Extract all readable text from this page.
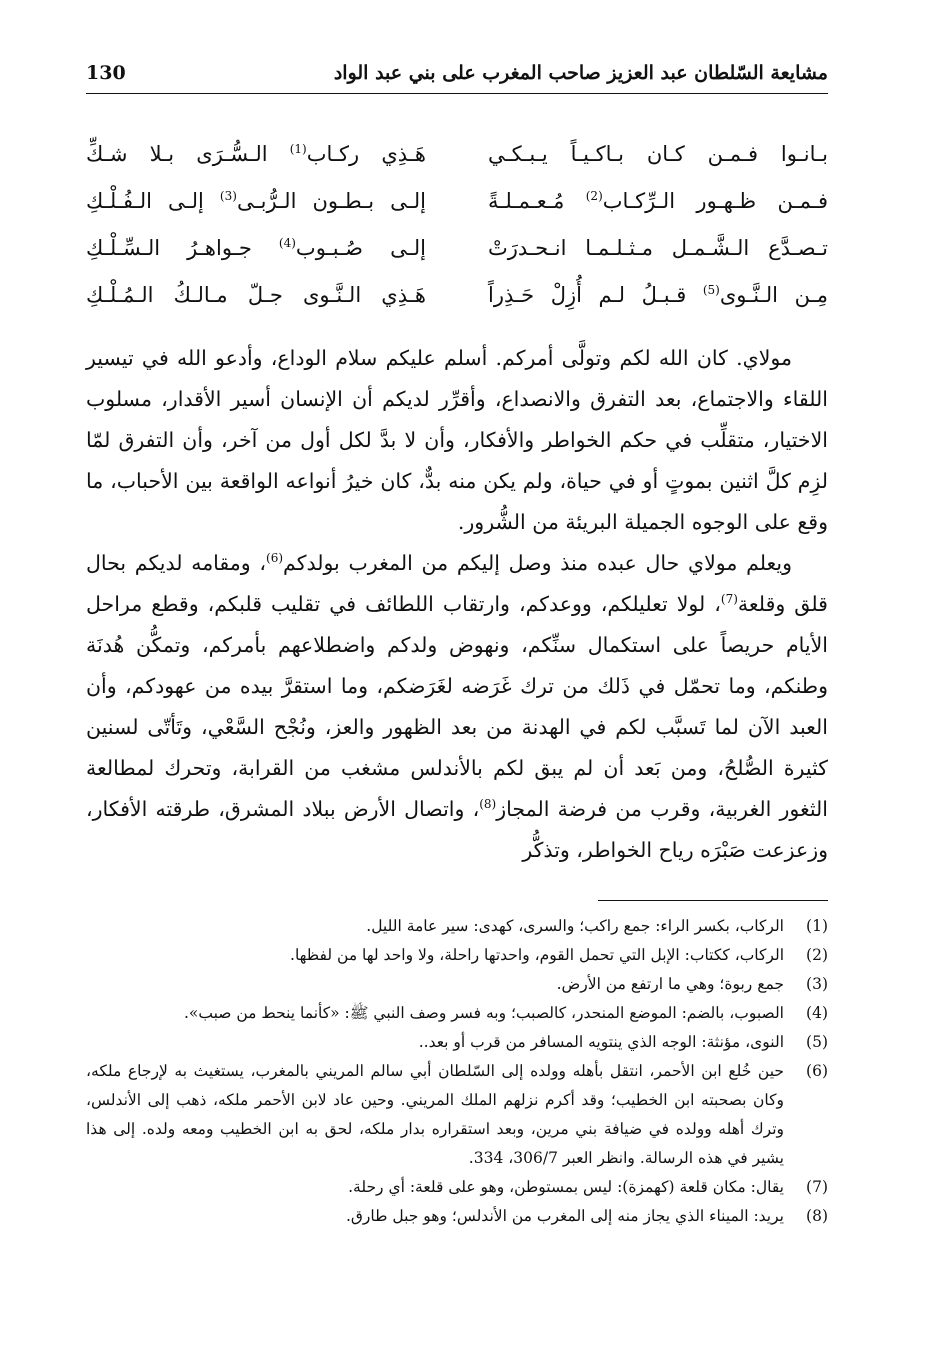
مشايعة السّلطان عبد العزيز صاحب المغرب على بني عبد الواد
130
بـانـوا فـمـن كـان بـاكـيـاً يـبـكـي
هَـذِي ركـاب$^{(1)}$ الـسُّـرَى بـلا شـكِّ
فـمـن ظـهـور الـرِّكـاب$^{(2)}$ مُـعـمـلـةً
إلـى بـطـون الـرُّبـى$^{(3)}$ إلـى الـفُـلْـكِ
تـصـدَّع الـشَّـمـل مـثـلـمـا انـحـدرَتْ
إلـى صُـبـوب$^{(4)}$ جـواهـرُ الـسِّـلْـكِ
مِـن الـنَّـوى$^{(5)}$ قـبـلُ لـم أُزِلْ حَـذِراً
هَـذِي الـنَّـوى جـلّ مـالـكُ الـمُـلْـكِ

مولاي. كان الله لكم وتولَّى أمركم. أسلم عليكم سلام الوداع، وأدعو الله في تيسير اللقاء والاجتماع، بعد التفرق والانصداع، وأقرِّر لديكم أن الإنسان أسير الأقدار، مسلوب الاختيار، متقلِّب في حكم الخواطر والأفكار، وأن لا بدَّ لكل أول من آخر، وأن التفرق لمّا لزِم كلَّ اثنين بموتٍ أو في حياة، ولم يكن منه بدٌّ، كان خيرُ أنواعه الواقعة بين الأحباب، ما وقع على الوجوه الجميلة البريئة من الشُّرور.

ويعلم مولاي حال عبده منذ وصل إليكم من المغرب بولدكم$^{(6)}$، ومقامه لديكم بحال قلق وقلعة$^{(7)}$، لولا تعليلكم، ووعدكم، وارتقاب اللطائف في تقليب قلبكم، وقطع مراحل الأيام حريصاً على استكمال سنِّكم، ونهوض ولدكم واضطلاعهم بأمركم، وتمكُّن هُدنَة وطنكم، وما تحمّل في ذَلك من ترك غَرَضه لغَرَضكم، وما استقرَّ بيده من عهودكم، وأن العبد الآن لما تَسبَّب لكم في الهدنة من بعد الظهور والعز، ونُجْح السَّعْي، وتَأتّى لسنين كثيرة الصُّلحُ، ومن بَعد أن لم يبق لكم بالأندلس مشغب من القرابة، وتحرك لمطالعة الثغور الغربية، وقرب من فرضة المجاز$^{(8)}$، واتصال الأرض ببلاد المشرق، طرقته الأفكار، وزعزعت صَبْرَه رياح الخواطر، وتذكُّر

(1)
الركاب، بكسر الراء: جمع راكب؛ والسرى، كهدى: سير عامة الليل.
(2)
الركاب، ككتاب: الإبل التي تحمل القوم، واحدتها راحلة، ولا واحد لها من لفظها.
(3)
جمع ربوة؛ وهي ما ارتفع من الأرض.
(4)
الصبوب، بالضم: الموضع المنحدر، كالصبب؛ وبه فسر وصف النبي ﷺ: «كأنما ينحط من صبب».
(5)
النوى، مؤنثة: الوجه الذي ينتويه المسافر من قرب أو بعد..
(6)
حين خُلع ابن الأحمر، انتقل بأهله وولده إلى السّلطان أبي سالم المريني بالمغرب، يستغيث به لإرجاع ملكه، وكان بصحبته ابن الخطيب؛ وقد أكرم نزلهم الملك المريني. وحين عاد لابن الأحمر ملكه، ذهب إلى الأندلس، وترك أهله وولده في ضيافة بني مرين، وبعد استقراره بدار ملكه، لحق به ابن الخطيب ومعه ولده. إلى هذا يشير في هذه الرسالة. وانظر العبر 306/7، 334.
(7)
يقال: مكان قلعة (كهمزة): ليس بمستوطن، وهو على قلعة: أي رحلة.
(8)
يريد: الميناء الذي يجاز منه إلى المغرب من الأندلس؛ وهو جبل طارق.
